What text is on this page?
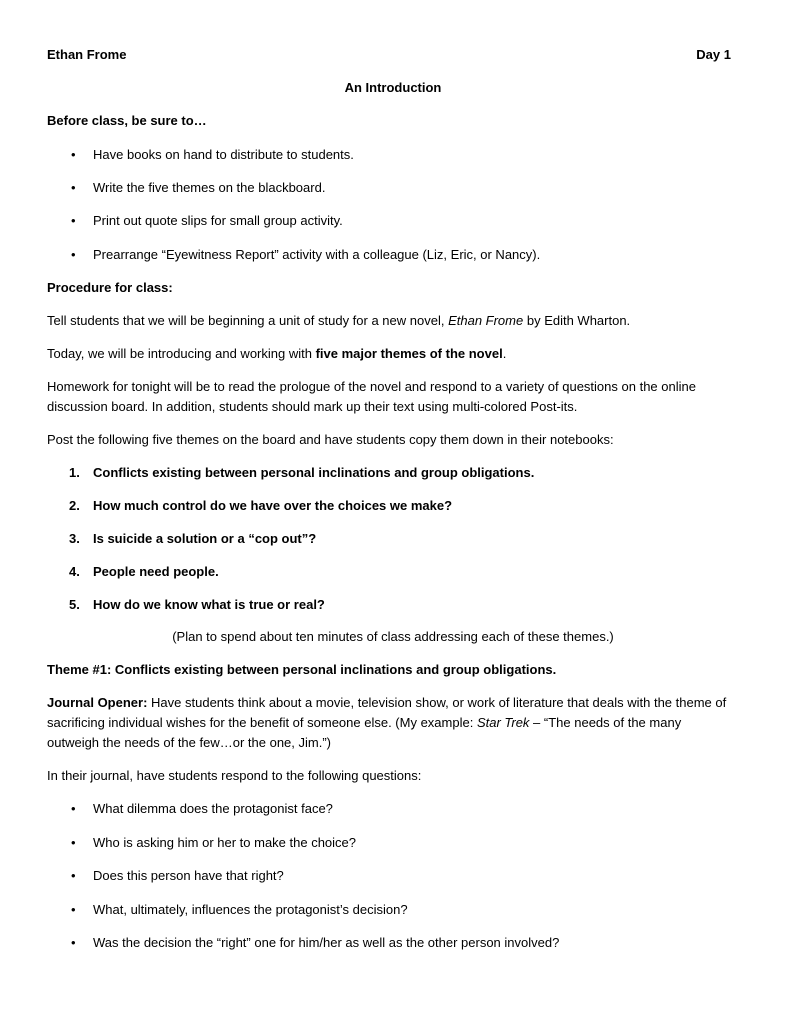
Ethan Frome	Day 1
An Introduction
Before class, be sure to…
• Have books on hand to distribute to students.
• Write the five themes on the blackboard.
• Print out quote slips for small group activity.
• Prearrange “Eyewitness Report” activity with a colleague (Liz, Eric, or Nancy).
Procedure for class:
Tell students that we will be beginning a unit of study for a new novel, Ethan Frome by Edith Wharton.
Today, we will be introducing and working with five major themes of the novel.
Homework for tonight will be to read the prologue of the novel and respond to a variety of questions on the online
discussion board. In addition, students should mark up their text using multi-colored Post-its.
Post the following five themes on the board and have students copy them down in their notebooks:
1. Conflicts existing between personal inclinations and group obligations.
2. How much control do we have over the choices we make?
3. Is suicide a solution or a “cop out”?
4. People need people.
5. How do we know what is true or real?
(Plan to spend about ten minutes of class addressing each of these themes.)
Theme #1: Conflicts existing between personal inclinations and group obligations.
Journal Opener: Have students think about a movie, television show, or work of literature that deals with the theme of
sacrificing individual wishes for the benefit of someone else. (My example: Star Trek – “The needs of the many
outweigh the needs of the few…or the one, Jim.”)
In their journal, have students respond to the following questions:
• What dilemma does the protagonist face?
• Who is asking him or her to make the choice?
• Does this person have that right?
• What, ultimately, influences the protagonist’s decision?
• Was the decision the “right” one for him/her as well as the other person involved?
